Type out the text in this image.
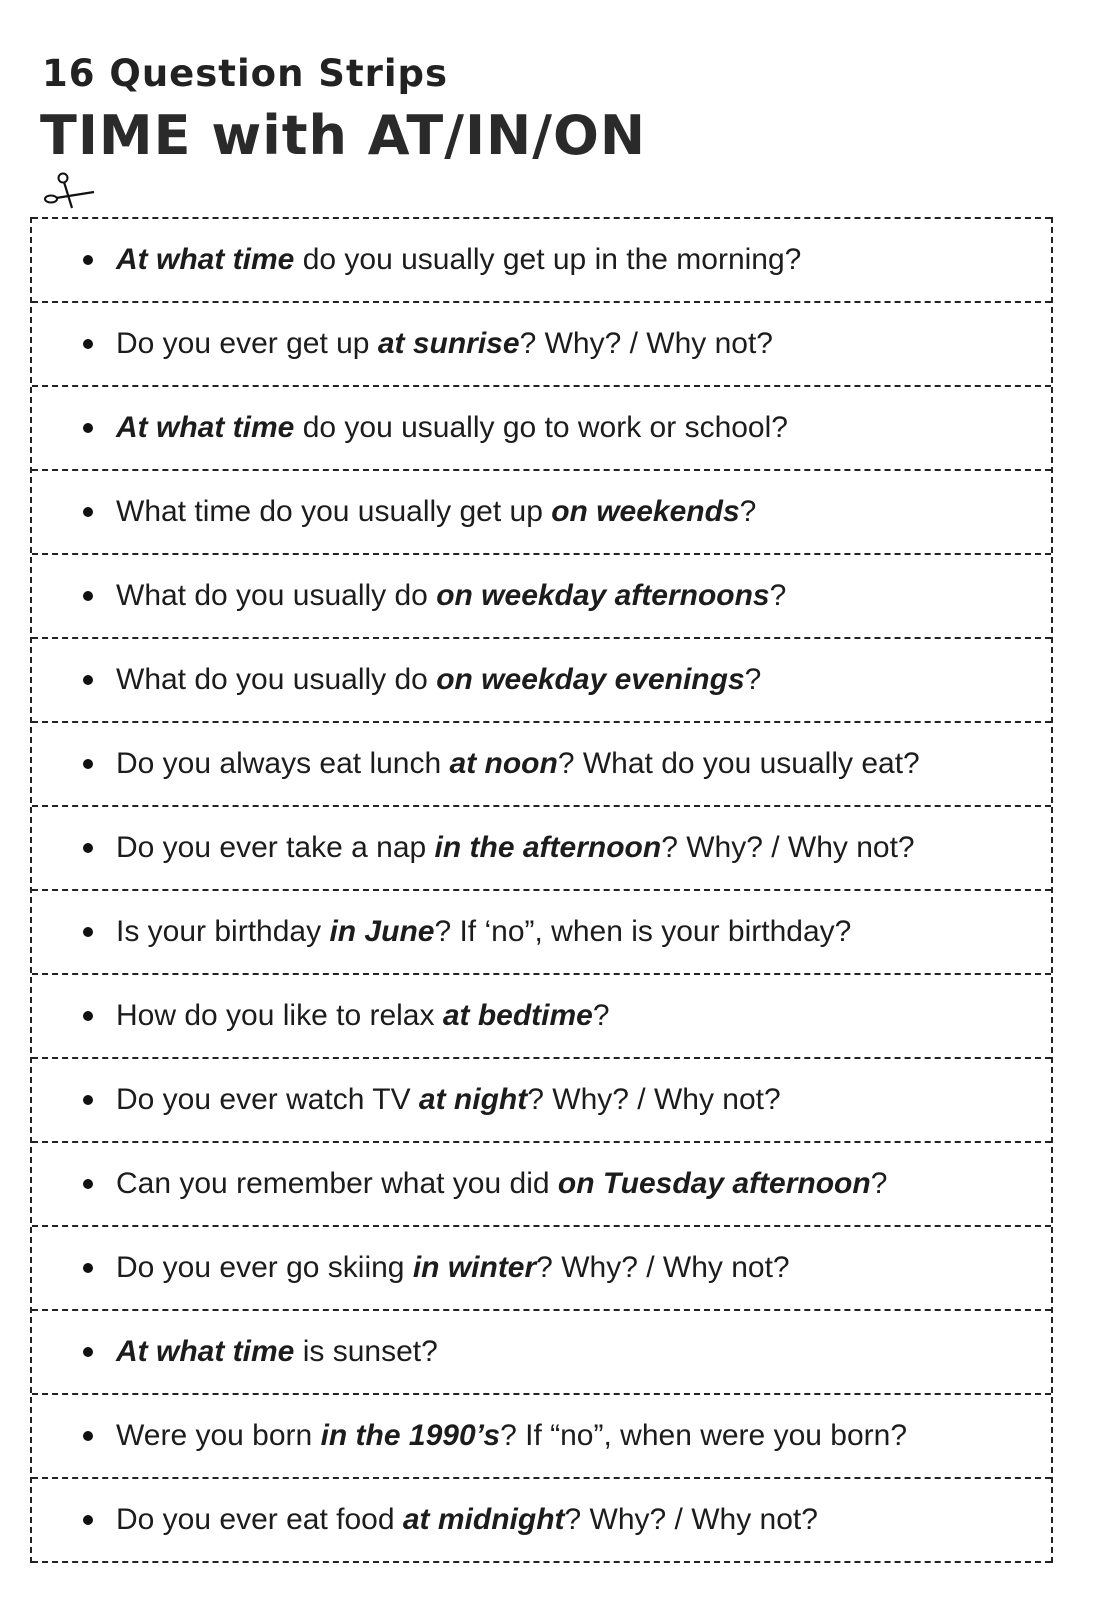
16 Question Strips
TIME with AT/IN/ON
At what time do you usually get up in the morning?
Do you ever get up at sunrise? Why? / Why not?
At what time do you usually go to work or school?
What time do you usually get up on weekends?
What do you usually do on weekday afternoons?
What do you usually do on weekday evenings?
Do you always eat lunch at noon? What do you usually eat?
Do you ever take a nap in the afternoon? Why? / Why not?
Is your birthday in June? If ‘no”, when is your birthday?
How do you like to relax at bedtime?
Do you ever watch TV at night? Why? / Why not?
Can you remember what you did on Tuesday afternoon?
Do you ever go skiing in winter? Why? / Why not?
At what time is sunset?
Were you born in the 1990’s? If “no”, when were you born?
Do you ever eat food at midnight? Why? / Why not?
